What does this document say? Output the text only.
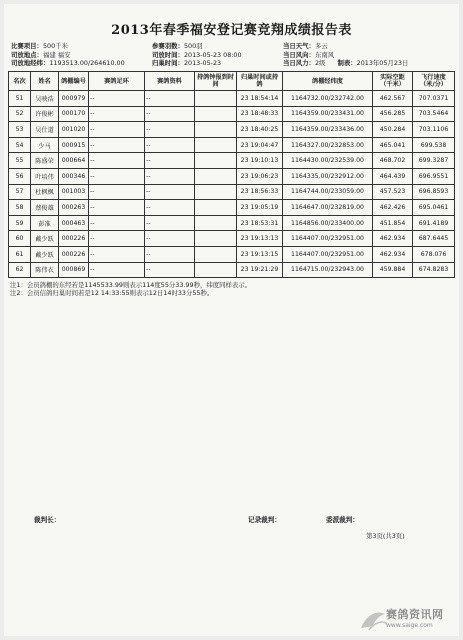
2013年春季福安登记赛竞翔成绩报告表
比赛项目：500千米
司放地点：福建 福安
司放地经纬：1193513.00/264610.00
参赛羽数：500羽
司放时间：2013-05-23 08:00
归巢时间：2013-05-23
当日天气：多云
当日风向：东南风
当日风力：2级 制表：2013年05月23日
名次	姓名	鸽棚编号	赛鸽足环	赛鸽资料	持鸽钟报到时间	归巢时间或持鸽	鸽棚经纬度	实际空距（千米）	飞行速度（米/分）
51	吴映浩	000979	--	--		23 18:54:14	1164732.00/232742.00	462.567	707.0371
52	许俊彬	000170	--	--		23 18:48:33	1164359.00/233431.00	456.285	703.5464
53	吴仕道	001020	--	--		23 18:40:25	1164359.00/233436.00	450.284	703.1106
54	少马	000915	--	--		23 19:04:47	1164327.00/232853.00	465.041	699.538
55	陈盛荣	000664	--	--		23 19:10:13	1164430.00/232539.00	468.702	699.3287
56	叶培伟	000346	--	--		23 19:06:23	1164335.00/232912.00	464.439	696.9551
57	杜枫枫	001003	--	--		23 18:56:33	1164744.00/233059.00	457.523	696.8593
58	蔡俊雄	000263	--	--		23 19:05:19	1164647.00/232819.00	462.426	695.0461
59	彭准	000463	--	--		23 18:53:31	1164856.00/233400.00	451.854	691.4189
60	戴少跃	000226	--	--		23 19:13:13	1164407.00/232951.00	462.934	687.6445
61	戴少跃	000226	--	--		23 19:13:15	1164407.00/232951.00	462.934	678.076
62	陈伟衣	000869	--	--		23 19:21:29	1164715.00/232943.00	459.884	674.8283
注1：会员鸽棚的东经若是1145533.99则表示114度55分33.99秒，纬度同样表示。
注2：会员信鸽归巢时间若是12 14:33:55则表示12日14时33分55秒。
裁判长：	记录裁判：	委派裁判：
第3页(共3页)
赛鸽资讯网
www.saige.com
